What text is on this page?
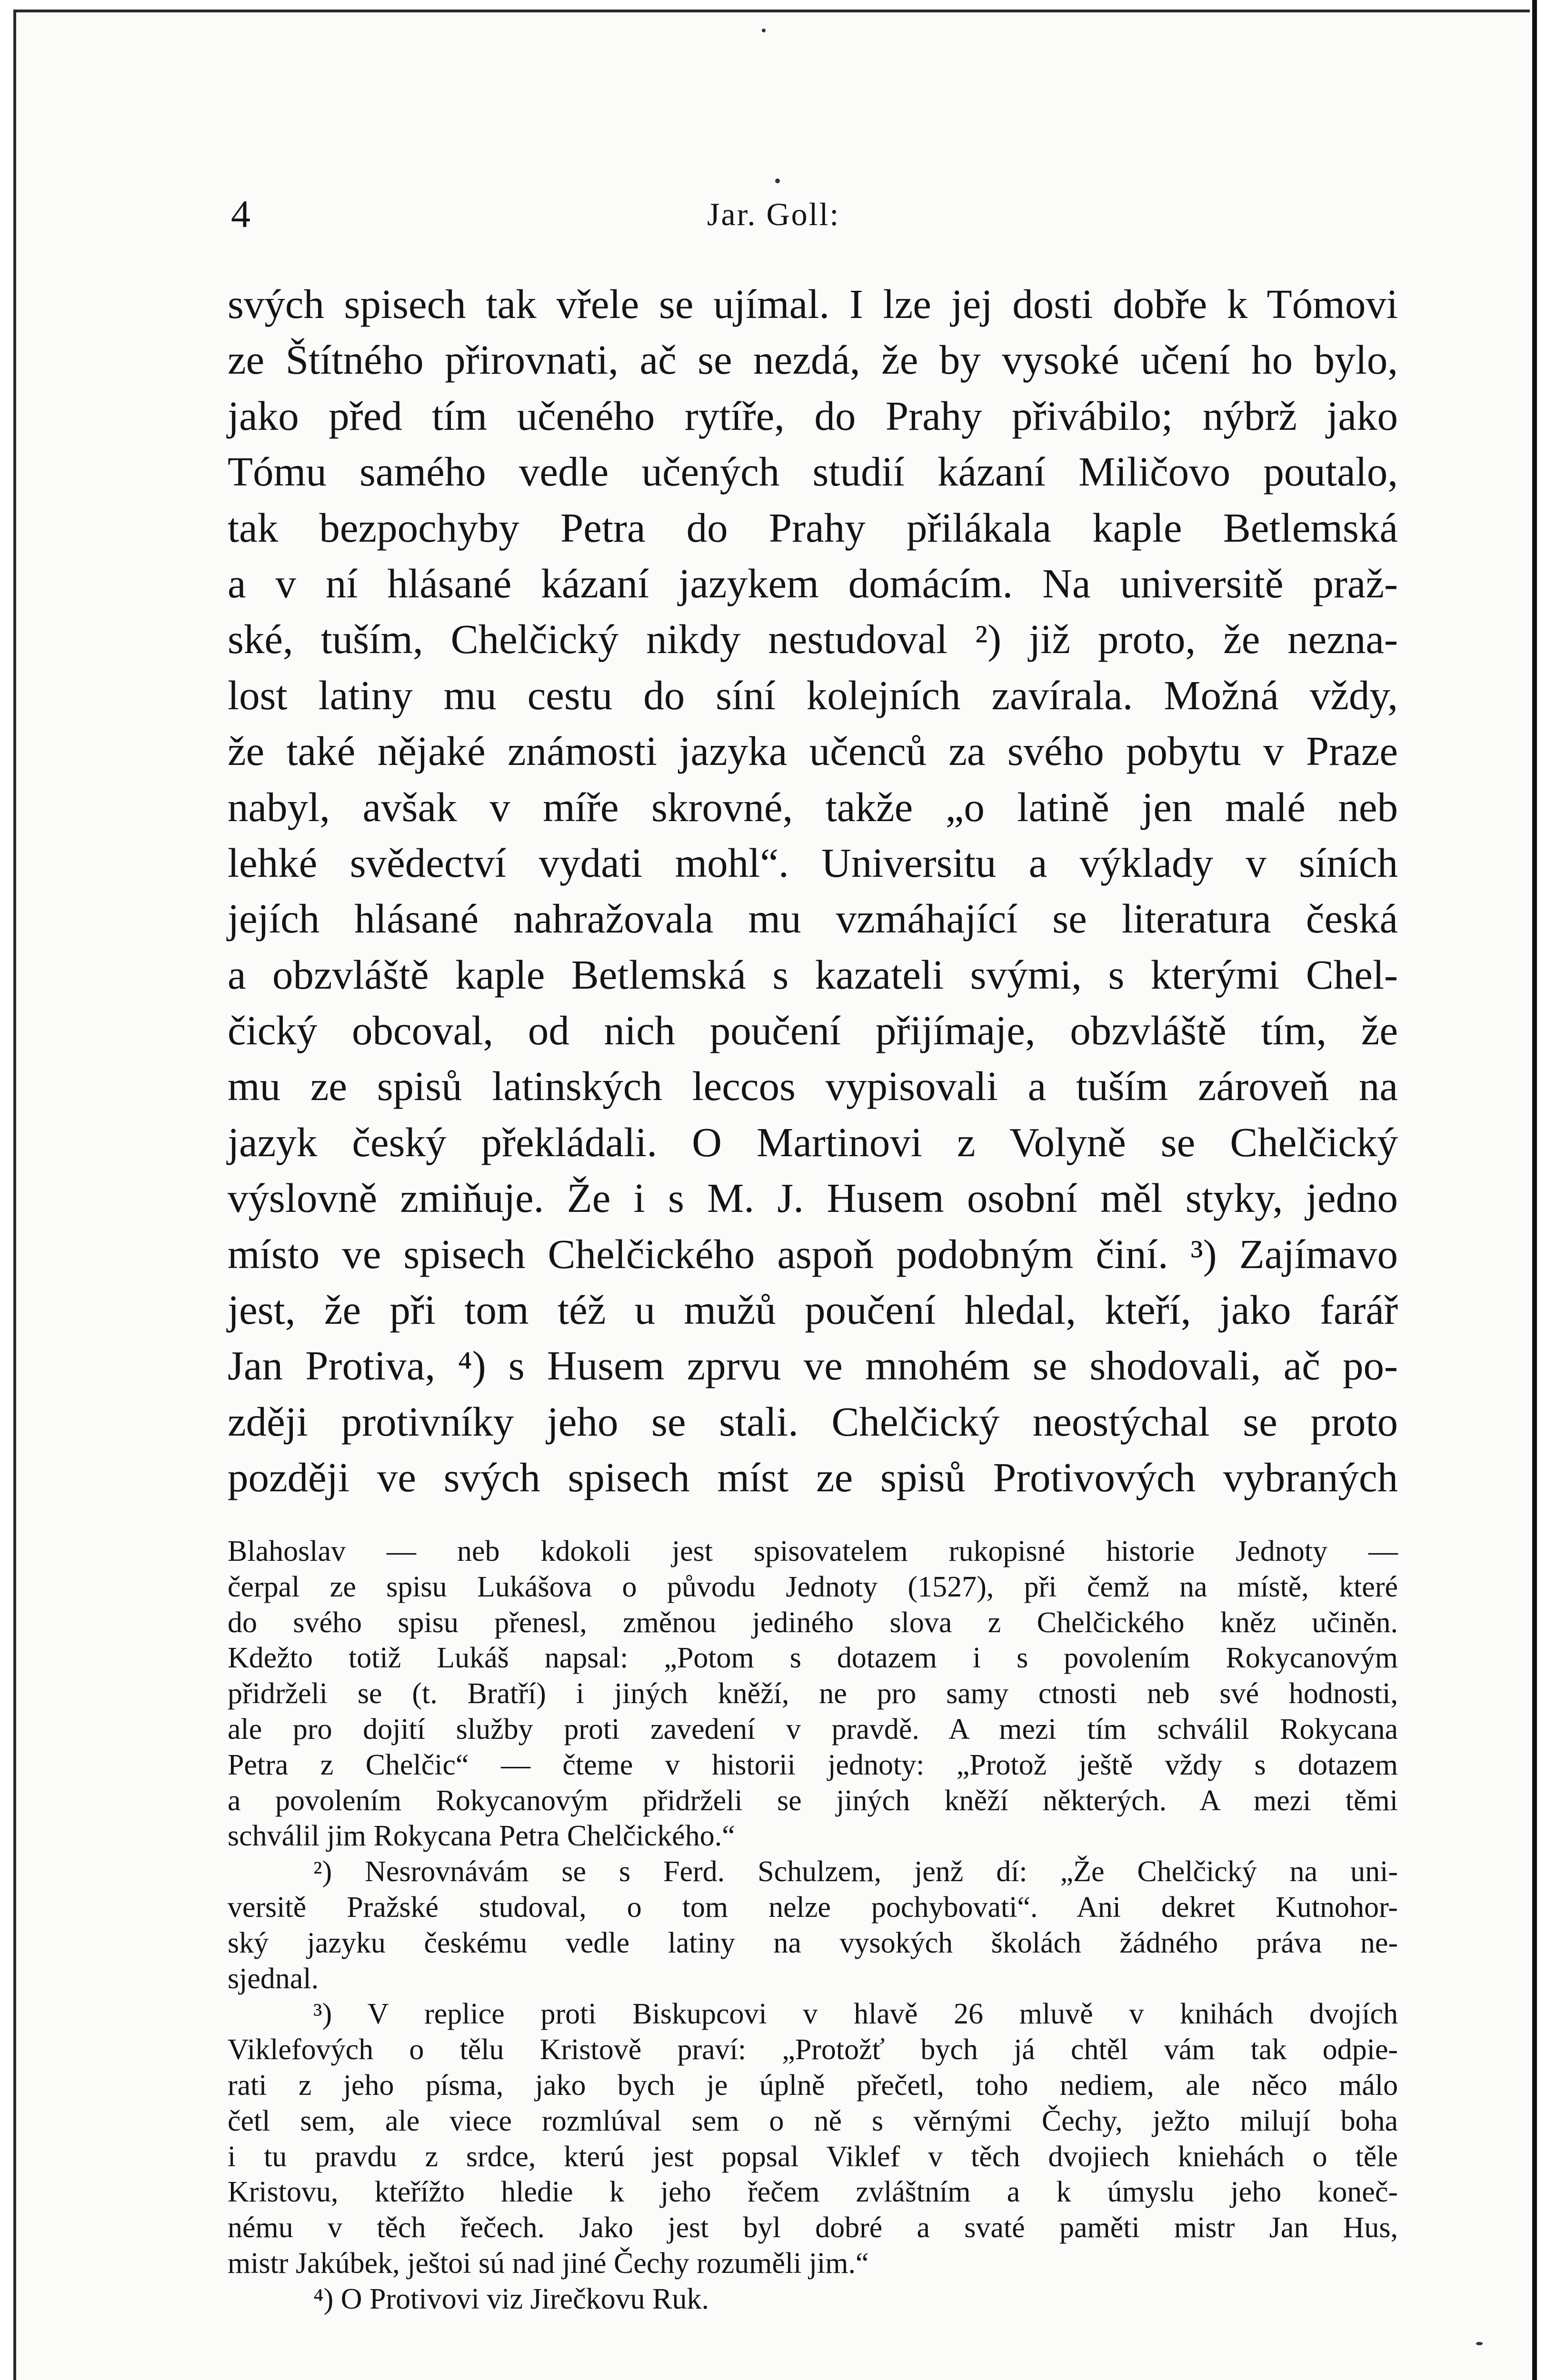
4	Jar. Goll:
svých spisech tak vřele se ujímal. I lze jej dosti dobře k Tómovi
ze Štítného přirovnati, ač se nezdá, že by vysoké učení ho bylo,
jako před tím učeného rytíře, do Prahy přivábilo; nýbrž jako
Tómu samého vedle učených studií kázaní Miličovo poutalo,
tak bezpochyby Petra do Prahy přilákala kaple Betlemská
a v ní hlásané kázaní jazykem domácím. Na universitě praž-
ské, tuším, Chelčický nikdy nestudoval ²) již proto, že nezna-
lost latiny mu cestu do síní kolejních zavírala. Možná vždy,
že také nějaké známosti jazyka učenců za svého pobytu v Praze
nabyl, avšak v míře skrovné, takže „o latině jen malé neb
lehké svědectví vydati mohl“. Universitu a výklady v síních
jejích hlásané nahražovala mu vzmáhající se literatura česká
a obzvláště kaple Betlemská s kazateli svými, s kterými Chel-
čický obcoval, od nich poučení přijímaje, obzvláště tím, že
mu ze spisů latinských leccos vypisovali a tuším zároveň na
jazyk český překládali. O Martinovi z Volyně se Chelčický
výslovně zmiňuje. Že i s M. J. Husem osobní měl styky, jedno
místo ve spisech Chelčického aspoň podobným činí. ³) Zajímavo
jest, že při tom též u mužů poučení hledal, kteří, jako farář
Jan Protiva, ⁴) s Husem zprvu ve mnohém se shodovali, ač po-
zději protivníky jeho se stali. Chelčický neostýchal se proto
později ve svých spisech míst ze spisů Protivových vybraných
Blahoslav — neb kdokoli jest spisovatelem rukopisné historie Jednoty —
čerpal ze spisu Lukášova o původu Jednoty (1527), při čemž na místě, které
do svého spisu přenesl, změnou jediného slova z Chelčického kněz učiněn.
Kdežto totiž Lukáš napsal: „Potom s dotazem i s povolením Rokycanovým
přidrželi se (t. Bratří) i jiných kněží, ne pro samy ctnosti neb své hodnosti,
ale pro dojití služby proti zavedení v pravdě. A mezi tím schválil Rokycana
Petra z Chelčic“ — čteme v historii jednoty: „Protož ještě vždy s dotazem
a povolením Rokycanovým přidrželi se jiných kněží některých. A mezi těmi
schválil jim Rokycana Petra Chelčického.“
²) Nesrovnávám se s Ferd. Schulzem, jenž dí: „Že Chelčický na uni-
versitě Pražské studoval, o tom nelze pochybovati“. Ani dekret Kutnohor-
ský jazyku českému vedle latiny na vysokých školách žádného práva ne-
sjednal.
³) V replice proti Biskupcovi v hlavě 26 mluvě v knihách dvojích
Viklefových o tělu Kristově praví: „Protožť bych já chtěl vám tak odpie-
rati z jeho písma, jako bych je úplně přečetl, toho nediem, ale něco málo
četl sem, ale viece rozmlúval sem o ně s věrnými Čechy, ježto milují boha
i tu pravdu z srdce, kterú jest popsal Viklef v těch dvojiech kniehách o těle
Kristovu, kteřížto hledie k jeho řečem zvláštním a k úmyslu jeho koneč-
nému v těch řečech. Jako jest byl dobré a svaté paměti mistr Jan Hus,
mistr Jakúbek, ještoi sú nad jiné Čechy rozuměli jim.“
⁴) O Protivovi viz Jirečkovu Ruk.
